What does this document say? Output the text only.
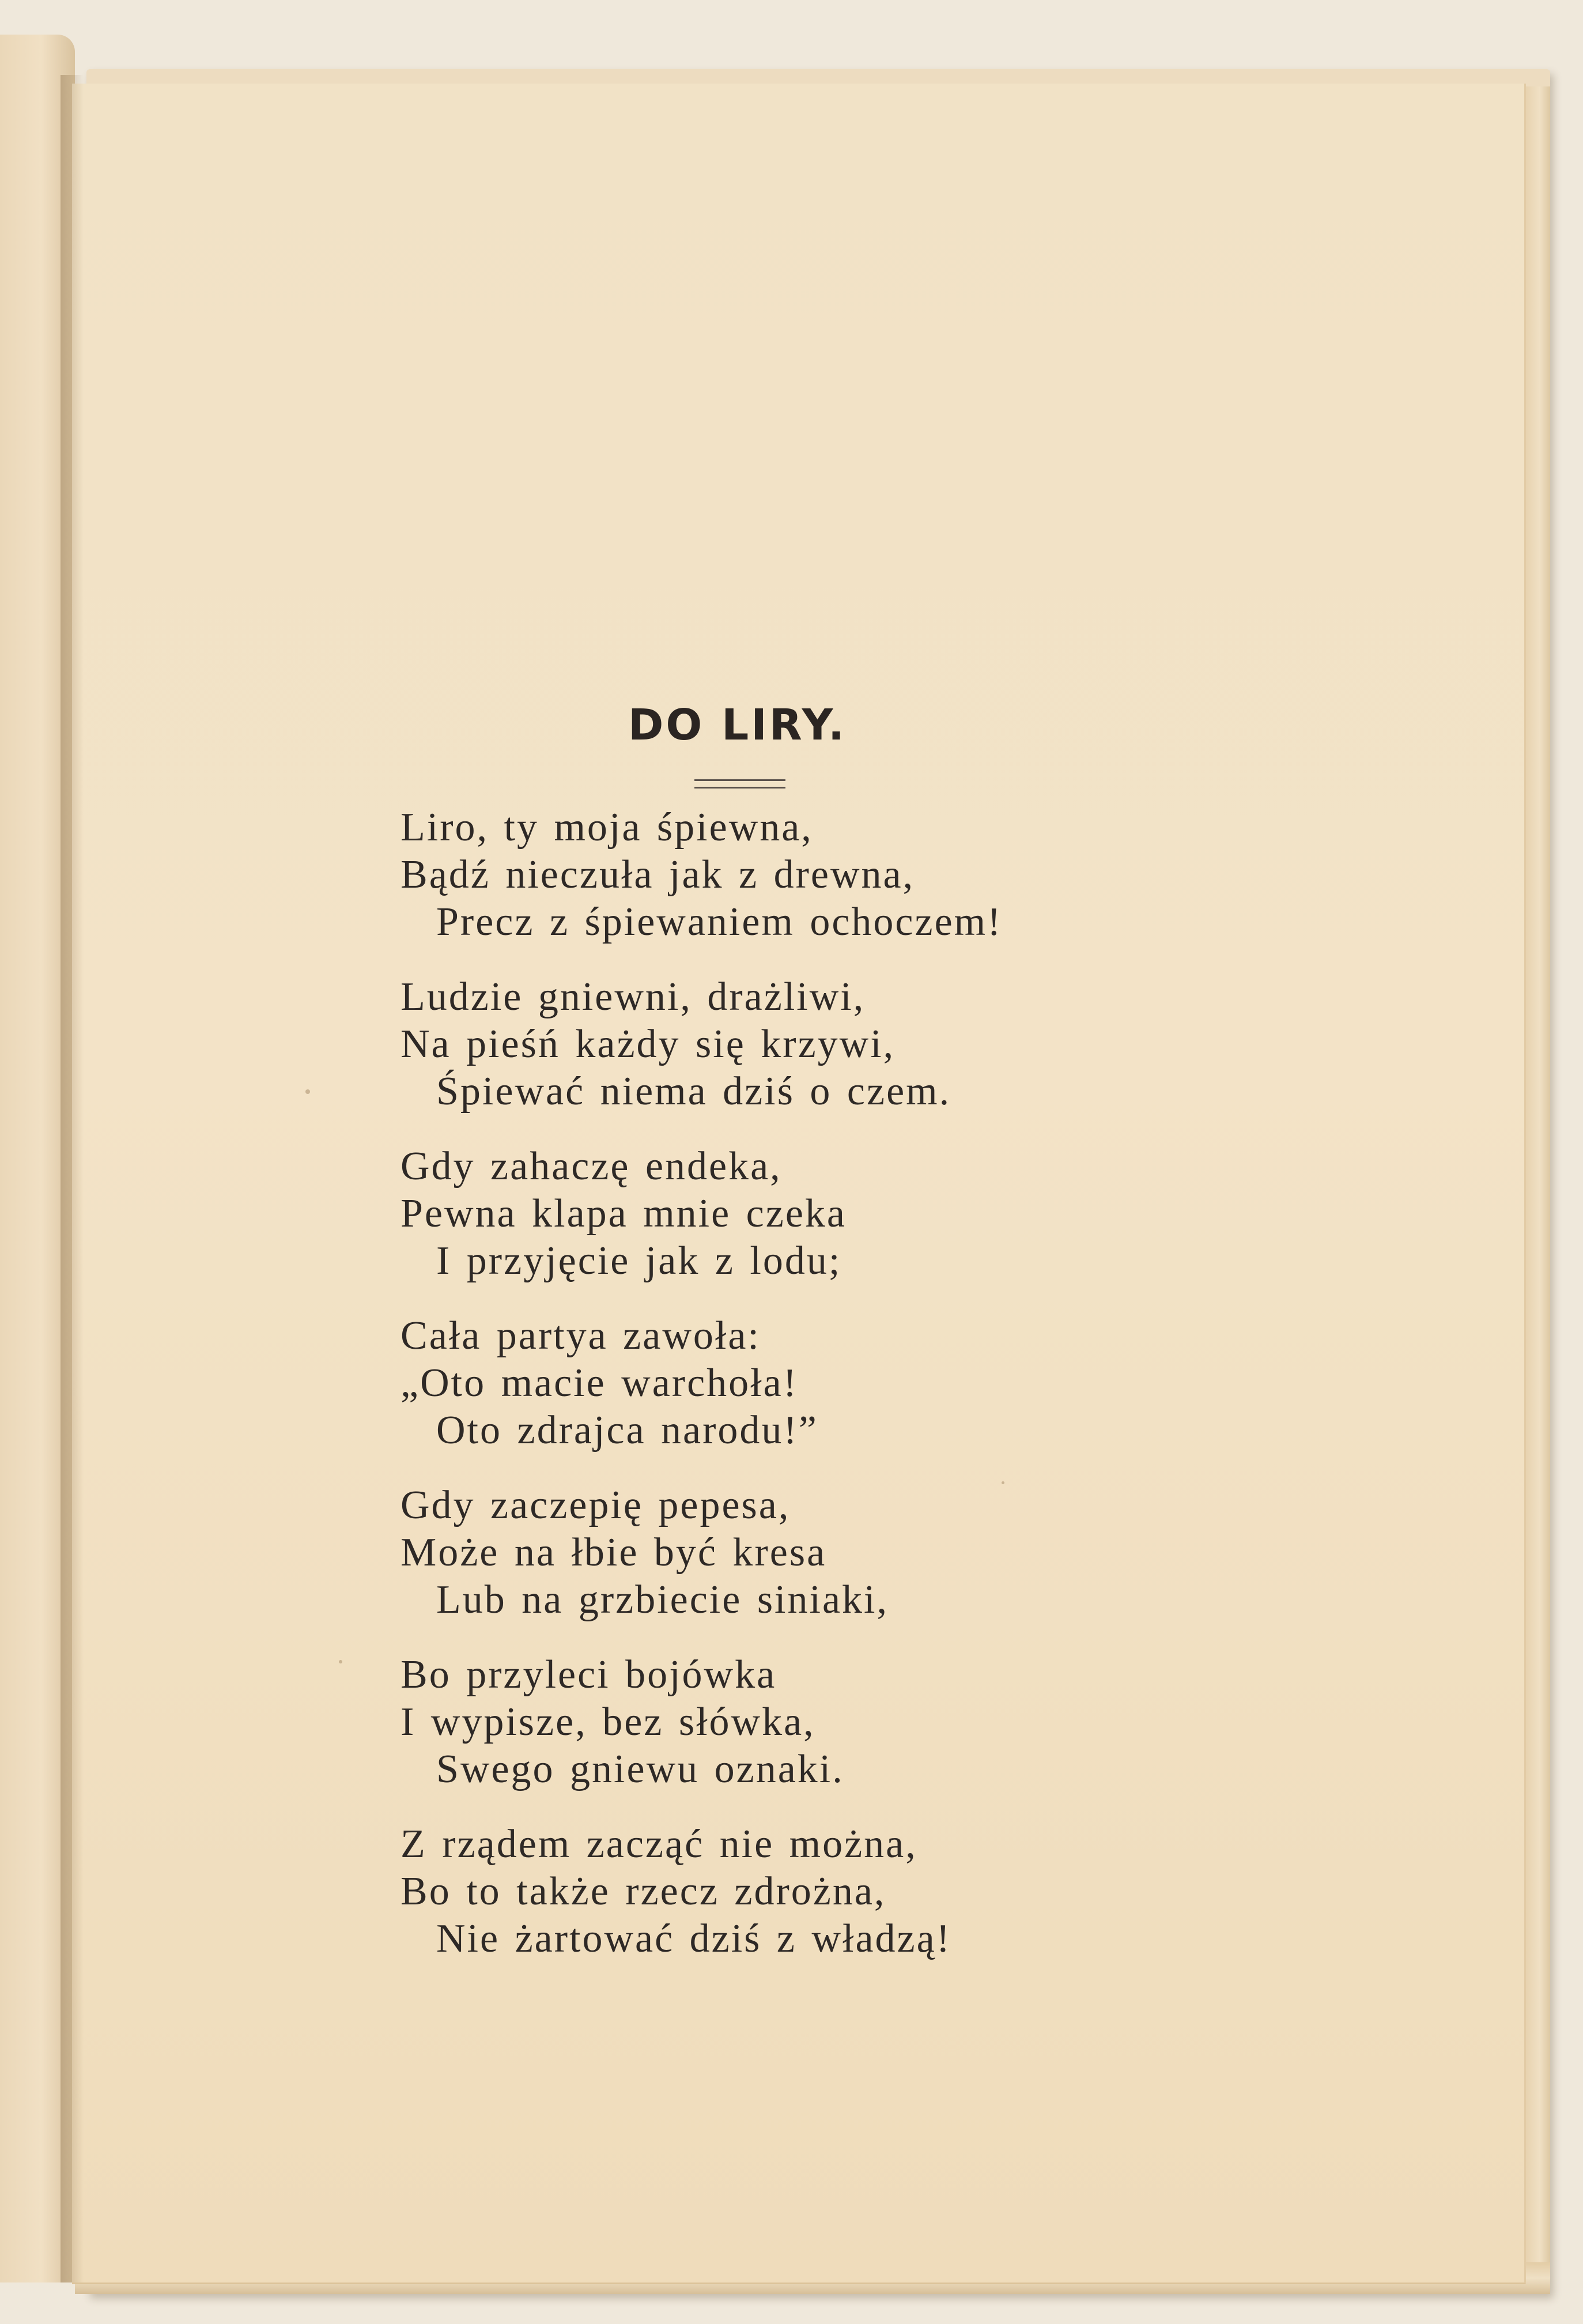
DO LIRY.
Liro, ty moja śpiewna,
Bądź nieczuła jak z drewna,
Precz z śpiewaniem ochoczem!
Ludzie gniewni, drażliwi,
Na pieśń każdy się krzywi,
Śpiewać niema dziś o czem.
Gdy zahaczę endeka,
Pewna klapa mnie czeka
I przyjęcie jak z lodu;
Cała partya zawoła:
„Oto macie warchoła!
Oto zdrajca narodu!”
Gdy zaczepię pepesa,
Może na łbie być kresa
Lub na grzbiecie siniaki,
Bo przyleci bojówka
I wypisze, bez słówka,
Swego gniewu oznaki.
Z rządem zacząć nie można,
Bo to także rzecz zdrożna,
Nie żartować dziś z władzą!
